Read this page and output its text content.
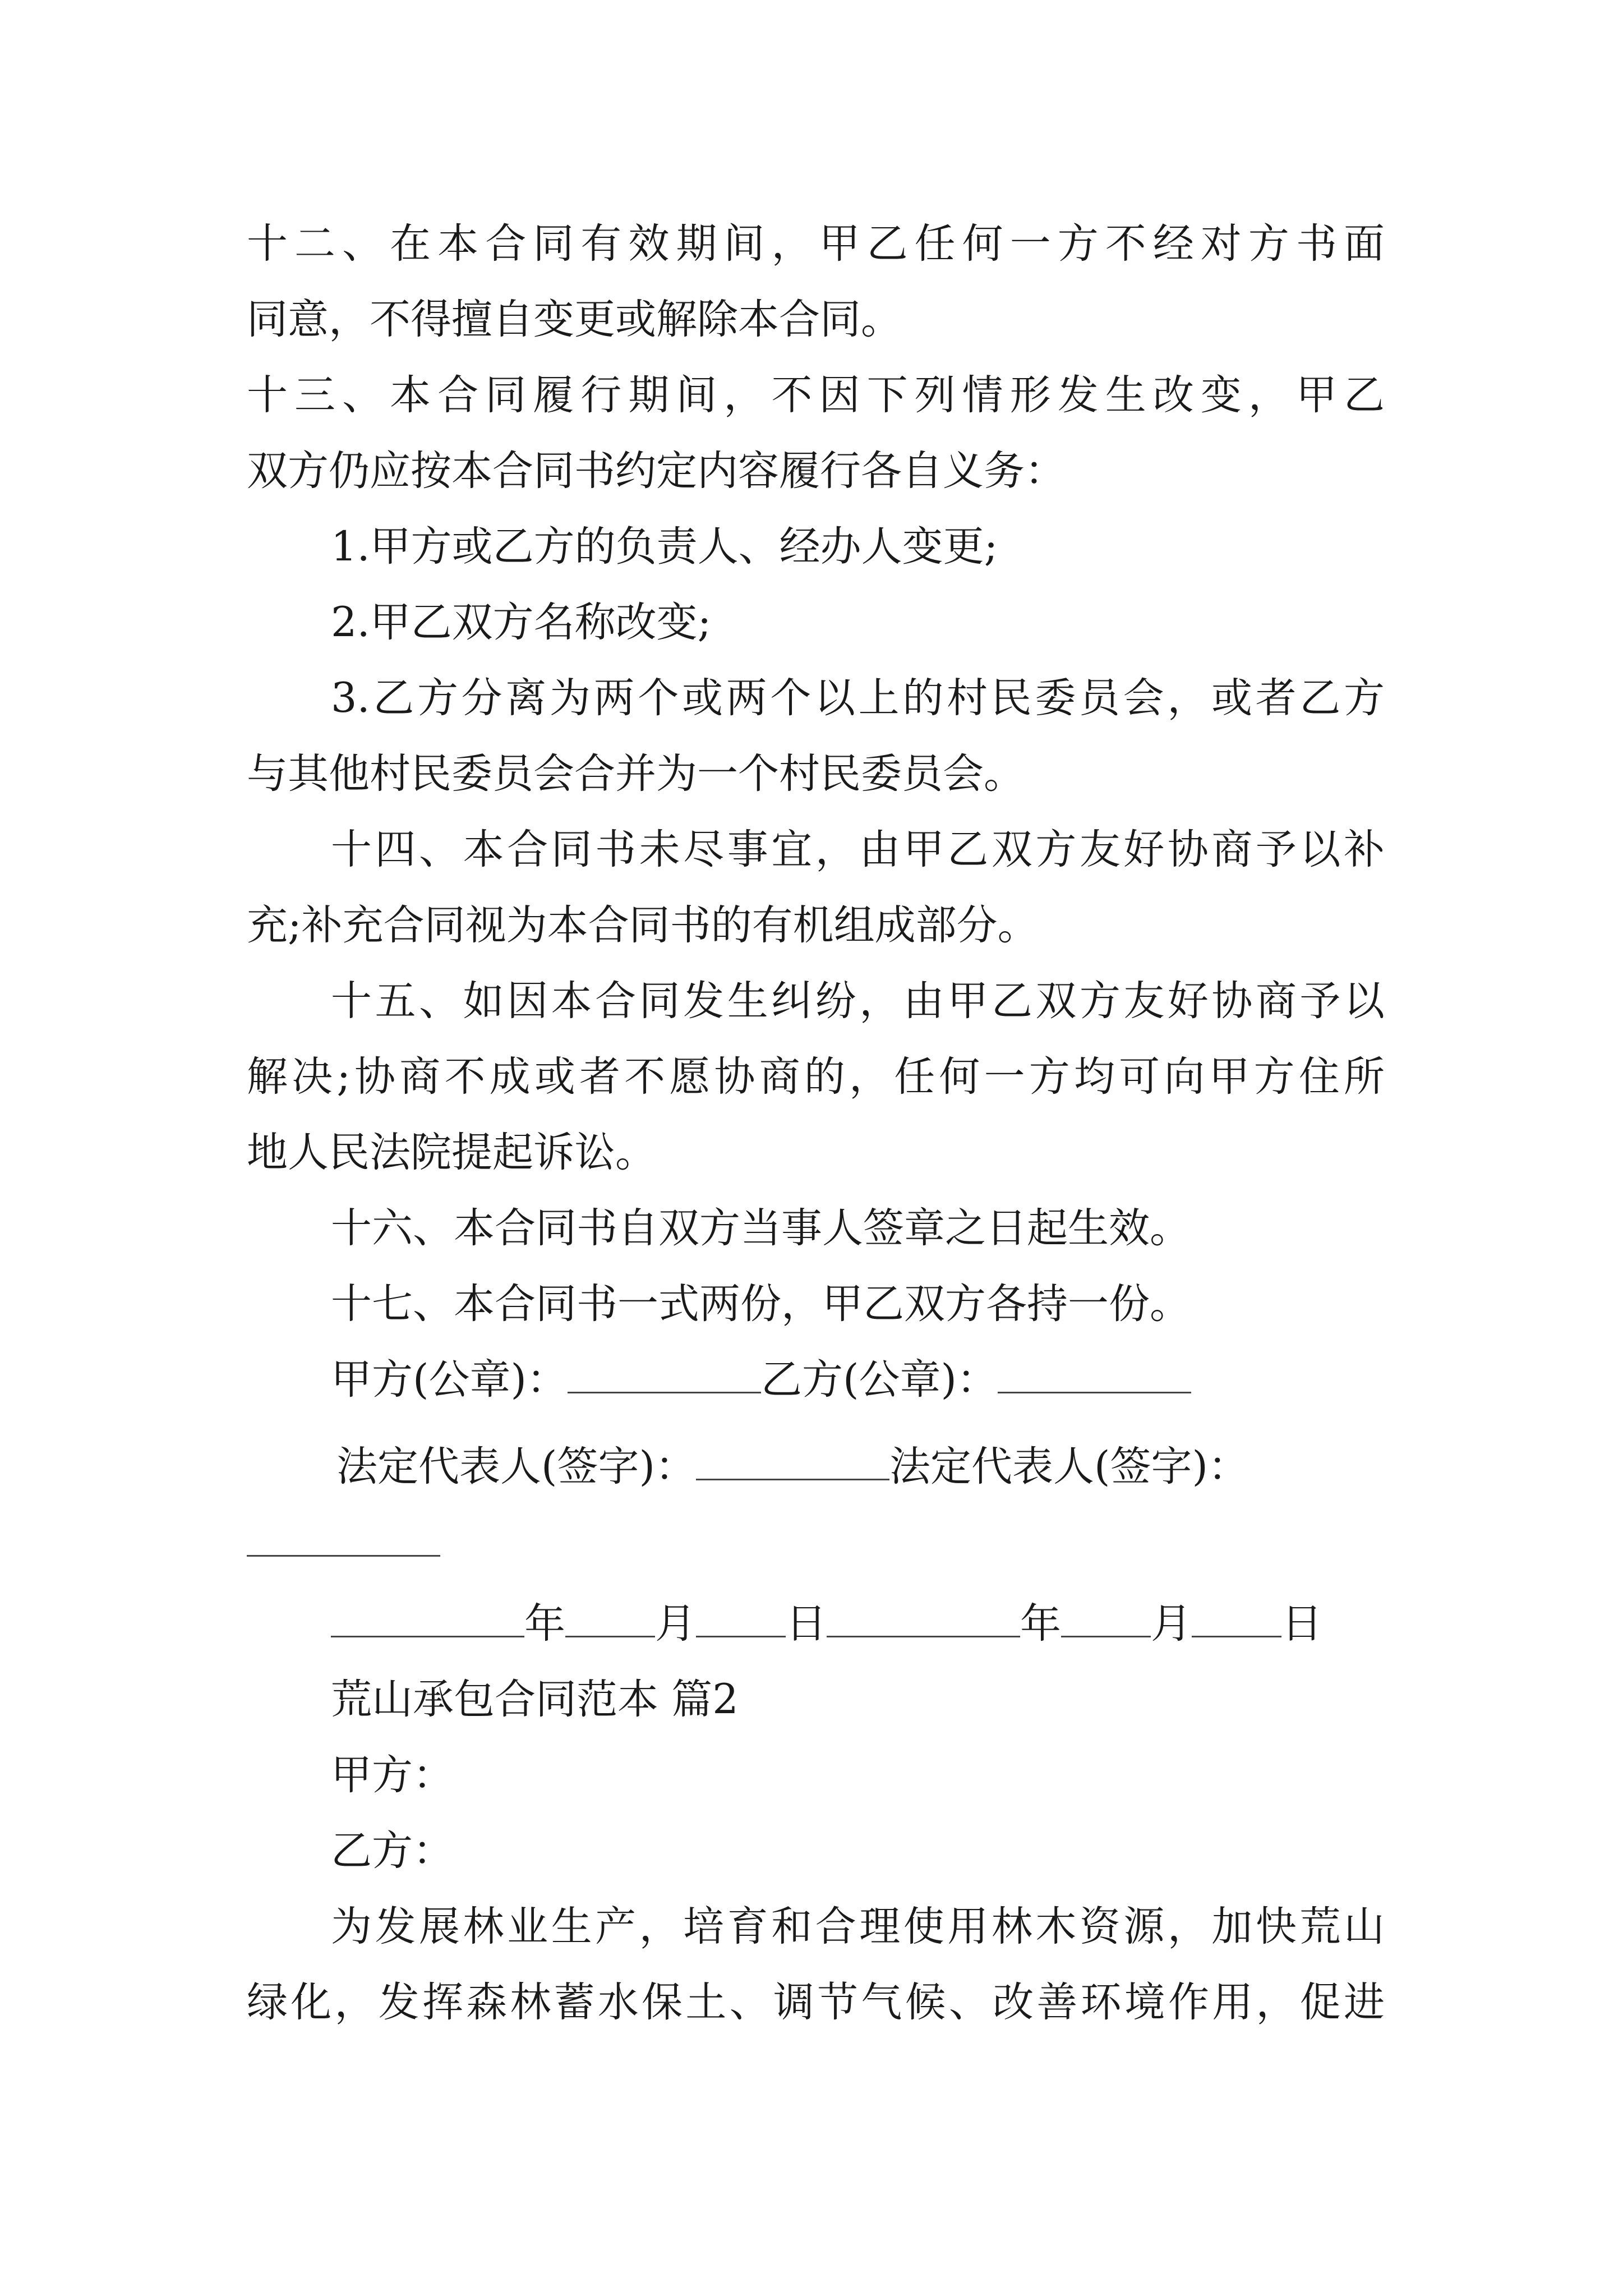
十二、在本合同有效期间，甲乙任何一方不经对方书面
同意，不得擅自变更或解除本合同。
十三、本合同履行期间，不因下列情形发生改变，甲乙
双方仍应按本合同书约定内容履行各自义务：
1.甲方或乙方的负责人、经办人变更;
2.甲乙双方名称改变;
3.乙方分离为两个或两个以上的村民委员会，或者乙方
与其他村民委员会合并为一个村民委员会。
十四、本合同书未尽事宜，由甲乙双方友好协商予以补
充;补充合同视为本合同书的有机组成部分。
十五、如因本合同发生纠纷，由甲乙双方友好协商予以
解决;协商不成或者不愿协商的，任何一方均可向甲方住所
地人民法院提起诉讼。
十六、本合同书自双方当事人签章之日起生效。
十七、本合同书一式两份，甲乙双方各持一份。
甲方(公章)：	乙方(公章)：
法定代表人(签字)：	法定代表人(签字)：
年 月 日	年 月 日
荒山承包合同范本 篇2
甲方：
乙方：
为发展林业生产，培育和合理使用林木资源，加快荒山
绿化，发挥森林蓄水保土、调节气候、改善环境作用，促进
